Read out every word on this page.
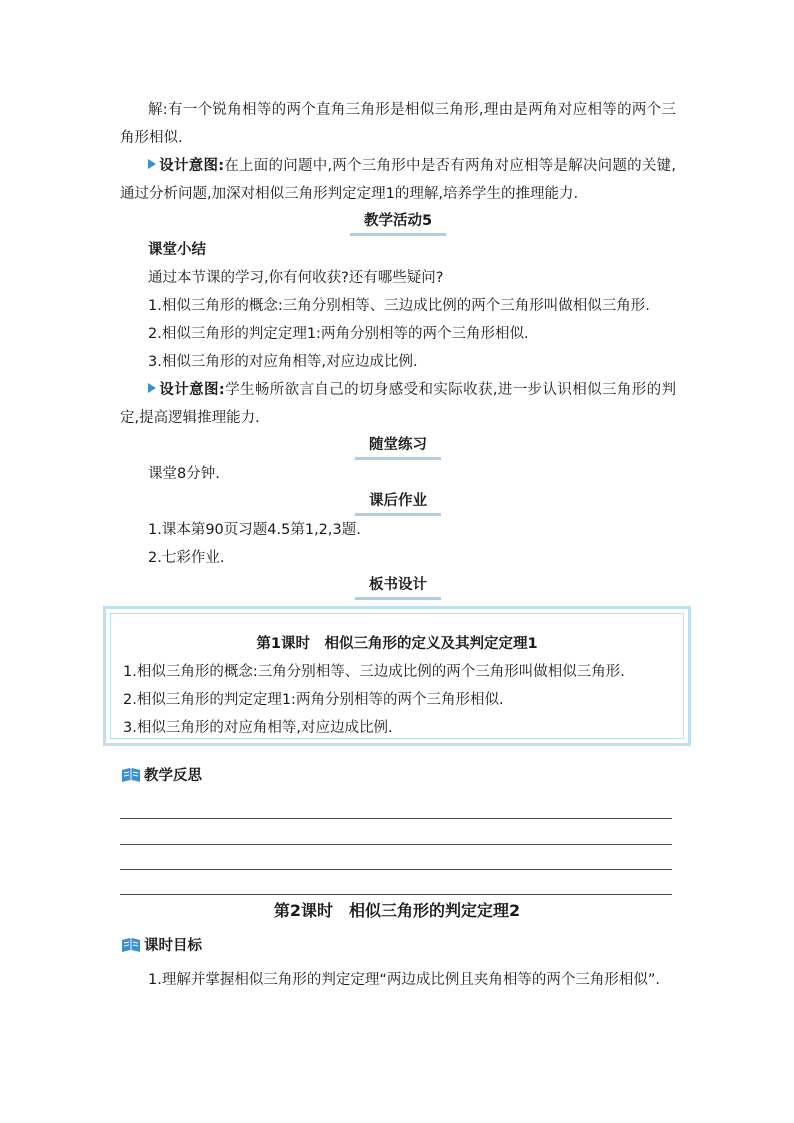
解:有一个锐角相等的两个直角三角形是相似三角形,理由是两角对应相等的两个三角形相似.

设计意图:在上面的问题中,两个三角形中是否有两角对应相等是解决问题的关键,通过分析问题,加深对相似三角形判定定理1的理解,培养学生的推理能力.

教学活动5

课堂小结

通过本节课的学习,你有何收获?还有哪些疑问?

1.相似三角形的概念:三角分别相等、三边成比例的两个三角形叫做相似三角形.

2.相似三角形的判定定理1:两角分别相等的两个三角形相似.

3.相似三角形的对应角相等,对应边成比例.

设计意图:学生畅所欲言自己的切身感受和实际收获,进一步认识相似三角形的判定,提高逻辑推理能力.

随堂练习

课堂8分钟.

课后作业

1.课本第90页习题4.5第1,2,3题.

2.七彩作业.

板书设计
第1课时　相似三角形的定义及其判定定理1
1.相似三角形的概念:三角分别相等、三边成比例的两个三角形叫做相似三角形.
2.相似三角形的判定定理1:两角分别相等的两个三角形相似.
3.相似三角形的对应角相等,对应边成比例.
教学反思
第2课时　相似三角形的判定定理2
课时目标

1.理解并掌握相似三角形的判定定理“两边成比例且夹角相等的两个三角形相似”.
